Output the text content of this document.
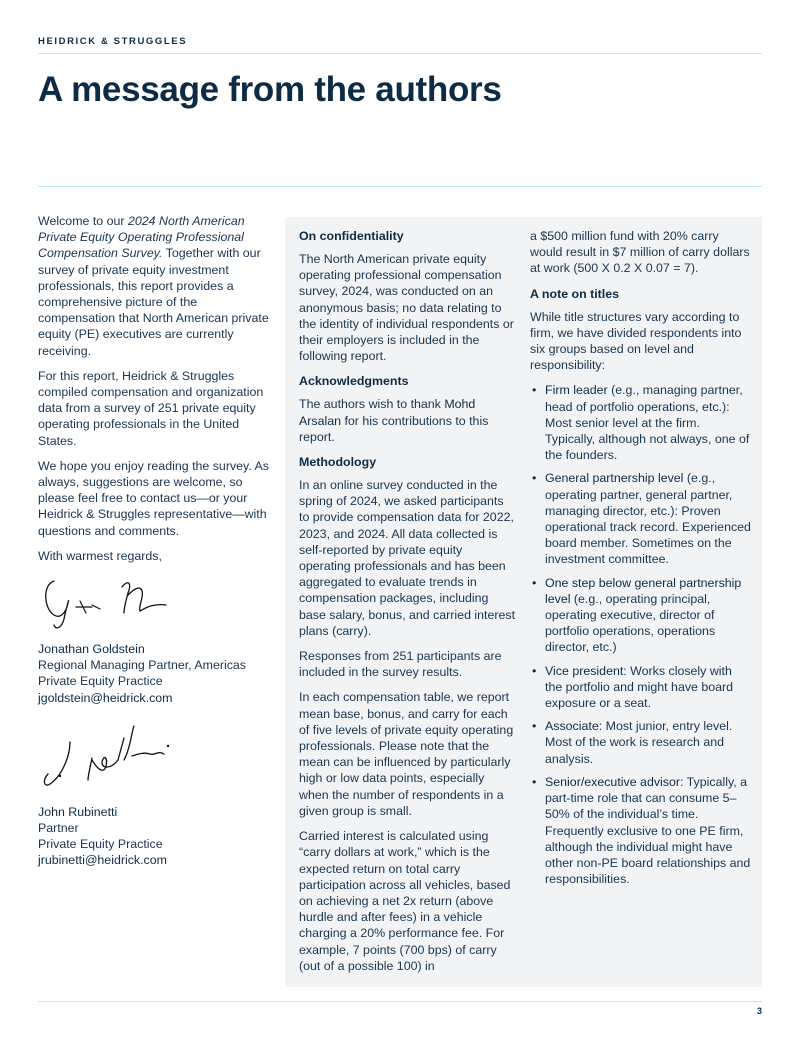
HEIDRICK & STRUGGLES
A message from the authors

Welcome to our 2024 North American Private Equity Operating Professional Compensation Survey. Together with our survey of private equity investment professionals, this report provides a comprehensive picture of the compensation that North American private equity (PE) executives are currently receiving.

For this report, Heidrick & Struggles compiled compensation and organization data from a survey of 251 private equity operating professionals in the United States.

We hope you enjoy reading the survey. As always, suggestions are welcome, so please feel free to contact us—or your Heidrick & Struggles representative—with questions and comments.

With warmest regards,

Jonathan Goldstein
Regional Managing Partner, Americas
Private Equity Practice
jgoldstein@heidrick.com
John Rubinetti
Partner
Private Equity Practice
jrubinetti@heidrick.com
On confidentiality

The North American private equity operating professional compensation survey, 2024, was conducted on an anonymous basis; no data relating to the identity of individual respondents or their employers is included in the following report.

Acknowledgments

The authors wish to thank Mohd Arsalan for his contributions to this report.

Methodology

In an online survey conducted in the spring of 2024, we asked participants to provide compensation data for 2022, 2023, and 2024. All data collected is self-reported by private equity operating professionals and has been aggregated to evaluate trends in compensation packages, including base salary, bonus, and carried interest plans (carry).

Responses from 251 participants are included in the survey results.

In each compensation table, we report mean base, bonus, and carry for each of five levels of private equity operating professionals. Please note that the mean can be influenced by particularly high or low data points, especially when the number of respondents in a given group is small.

Carried interest is calculated using “carry dollars at work,” which is the expected return on total carry participation across all vehicles, based on achieving a net 2x return (above hurdle and after fees) in a vehicle charging a 20% performance fee. For example, 7 points (700 bps) of carry (out of a possible 100) in

a $500 million fund with 20% carry would result in $7 million of carry dollars at work (500 X 0.2 X 0.07 = 7).

A note on titles

While title structures vary according to firm, we have divided respondents into six groups based on level and responsibility:

• Firm leader (e.g., managing partner, head of portfolio operations, etc.): Most senior level at the firm. Typically, although not always, one of the founders.
• General partnership level (e.g., operating partner, general partner, managing director, etc.): Proven operational track record. Experienced board member. Sometimes on the investment committee.
• One step below general partnership level (e.g., operating principal, operating executive, director of portfolio operations, operations director, etc.)
• Vice president: Works closely with the portfolio and might have board exposure or a seat.
• Associate: Most junior, entry level. Most of the work is research and analysis.
• Senior/executive advisor: Typically, a part-time role that can consume 5–50% of the individual’s time. Frequently exclusive to one PE firm, although the individual might have other non-PE board relationships and responsibilities.
3
